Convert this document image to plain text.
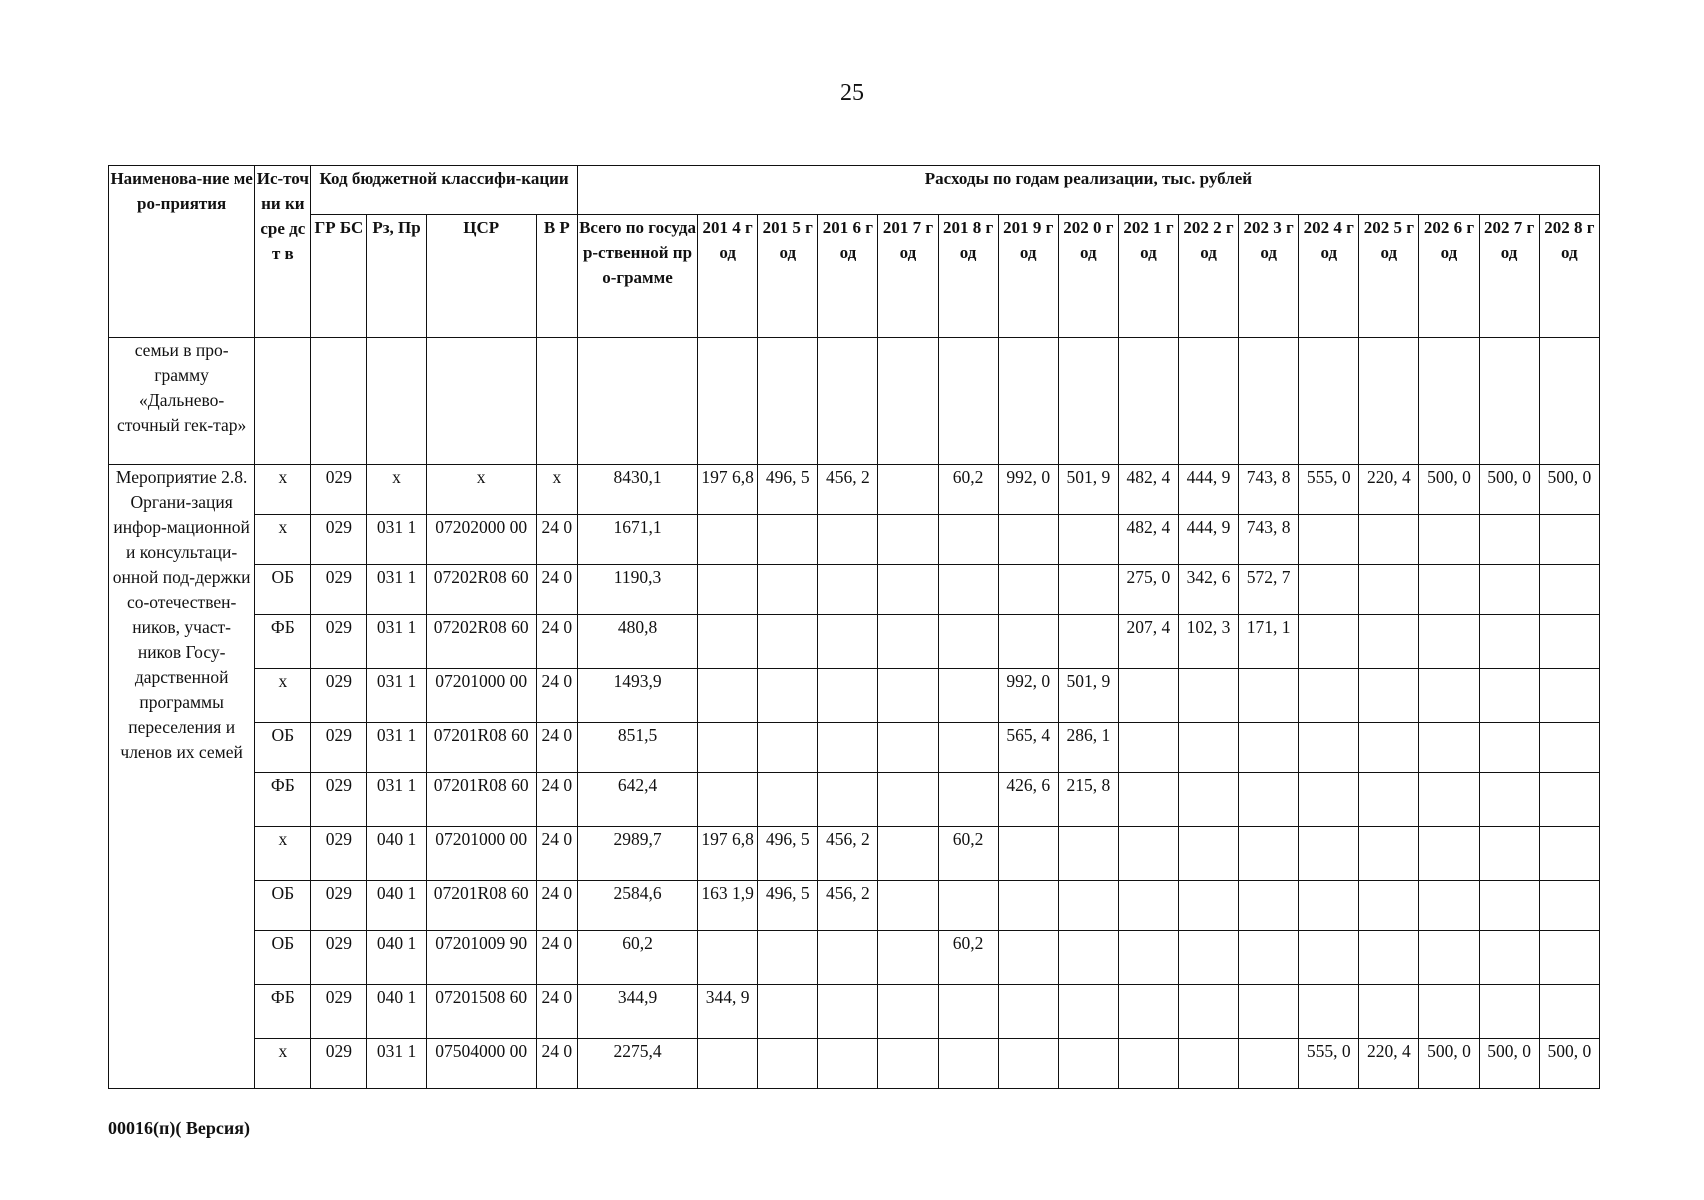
25
Наименова-ние меро-приятия	Ис-точ ни ки сре дст в	Код бюджетной классифи-кации				Расходы по годам реализации, тыс. рублей															
		ГР БС	Рз, Пр	ЦСР	В Р	Всего по государ-ственной про-грамме	201 4 год	201 5 год	201 6 год	201 7 год	201 8 год	201 9 год	202 0 год	202 1 год	202 2 год	202 3 год	202 4 год	202 5 год	202 6 год	202 7 год	202 8 год
семьи в про-грамму «Дальнево-сточный гек-тар»																					
Мероприятие 2.8. Органи-зация инфор-мационной и консультаци-онной под-держки со-отечествен-ников, участ-ников Госу-дарственной программы переселения и членов их семей	х	029	х	х	х	8430,1	197 6,8	496, 5	456, 2		60,2	992, 0	501, 9	482, 4	444, 9	743, 8	555, 0	220, 4	500, 0	500, 0	500, 0
	х	029	031 1	07202000 00	24 0	1671,1								482, 4	444, 9	743, 8					
	ОБ	029	031 1	07202R08 60	24 0	1190,3								275, 0	342, 6	572, 7					
	ФБ	029	031 1	07202R08 60	24 0	480,8								207, 4	102, 3	171, 1					
	х	029	031 1	07201000 00	24 0	1493,9						992, 0	501, 9								
	ОБ	029	031 1	07201R08 60	24 0	851,5						565, 4	286, 1								
	ФБ	029	031 1	07201R08 60	24 0	642,4						426, 6	215, 8								
	х	029	040 1	07201000 00	24 0	2989,7	197 6,8	496, 5	456, 2		60,2										
	ОБ	029	040 1	07201R08 60	24 0	2584,6	163 1,9	496, 5	456, 2												
	ОБ	029	040 1	07201009 90	24 0	60,2					60,2										
	ФБ	029	040 1	07201508 60	24 0	344,9	344, 9														
	х	029	031 1	07504000 00	24 0	2275,4											555, 0	220, 4	500, 0	500, 0	500, 0
00016(п)( Версия)
